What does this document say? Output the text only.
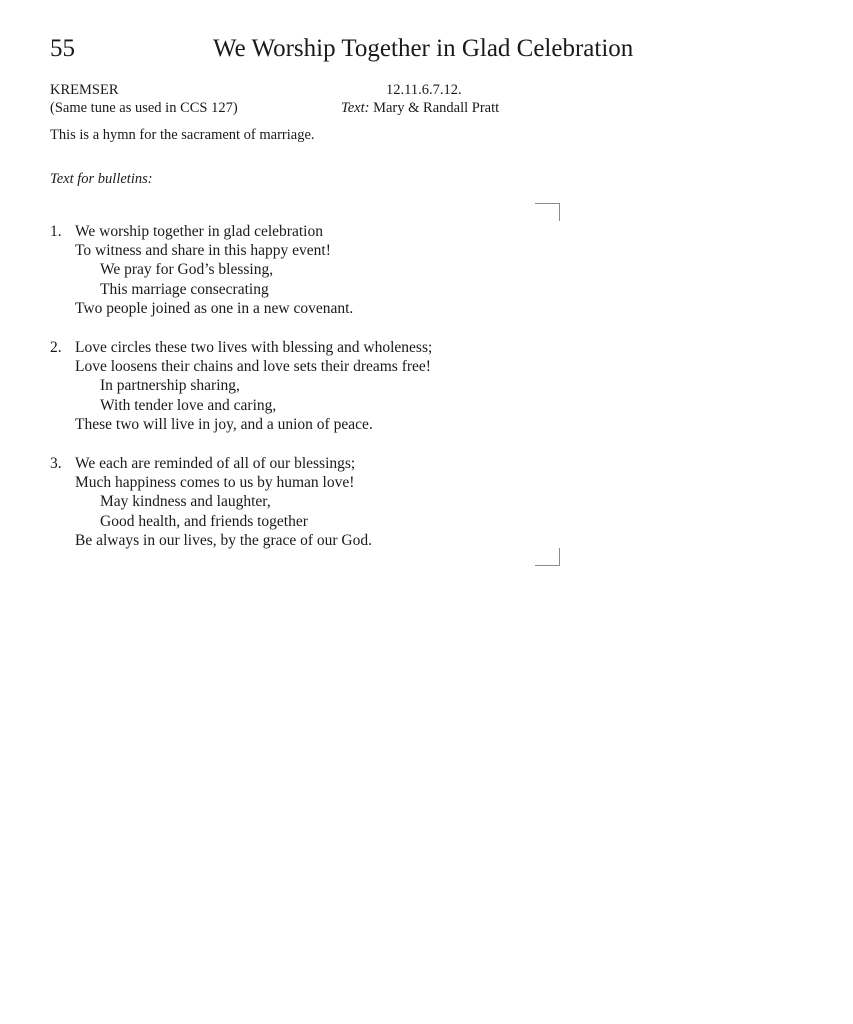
55	We Worship Together in Glad Celebration
KREMSER
(Same tune as used in CCS 127)
12.11.6.7.12.
Text: Mary & Randall Pratt
This is a hymn for the sacrament of marriage.
Text for bulletins:
1. We worship together in glad celebration
To witness and share in this happy event!
We pray for God’s blessing,
This marriage consecrating
Two people joined as one in a new covenant.
2. Love circles these two lives with blessing and wholeness;
Love loosens their chains and love sets their dreams free!
In partnership sharing,
With tender love and caring,
These two will live in joy, and a union of peace.
3. We each are reminded of all of our blessings;
Much happiness comes to us by human love!
May kindness and laughter,
Good health, and friends together
Be always in our lives, by the grace of our God.
